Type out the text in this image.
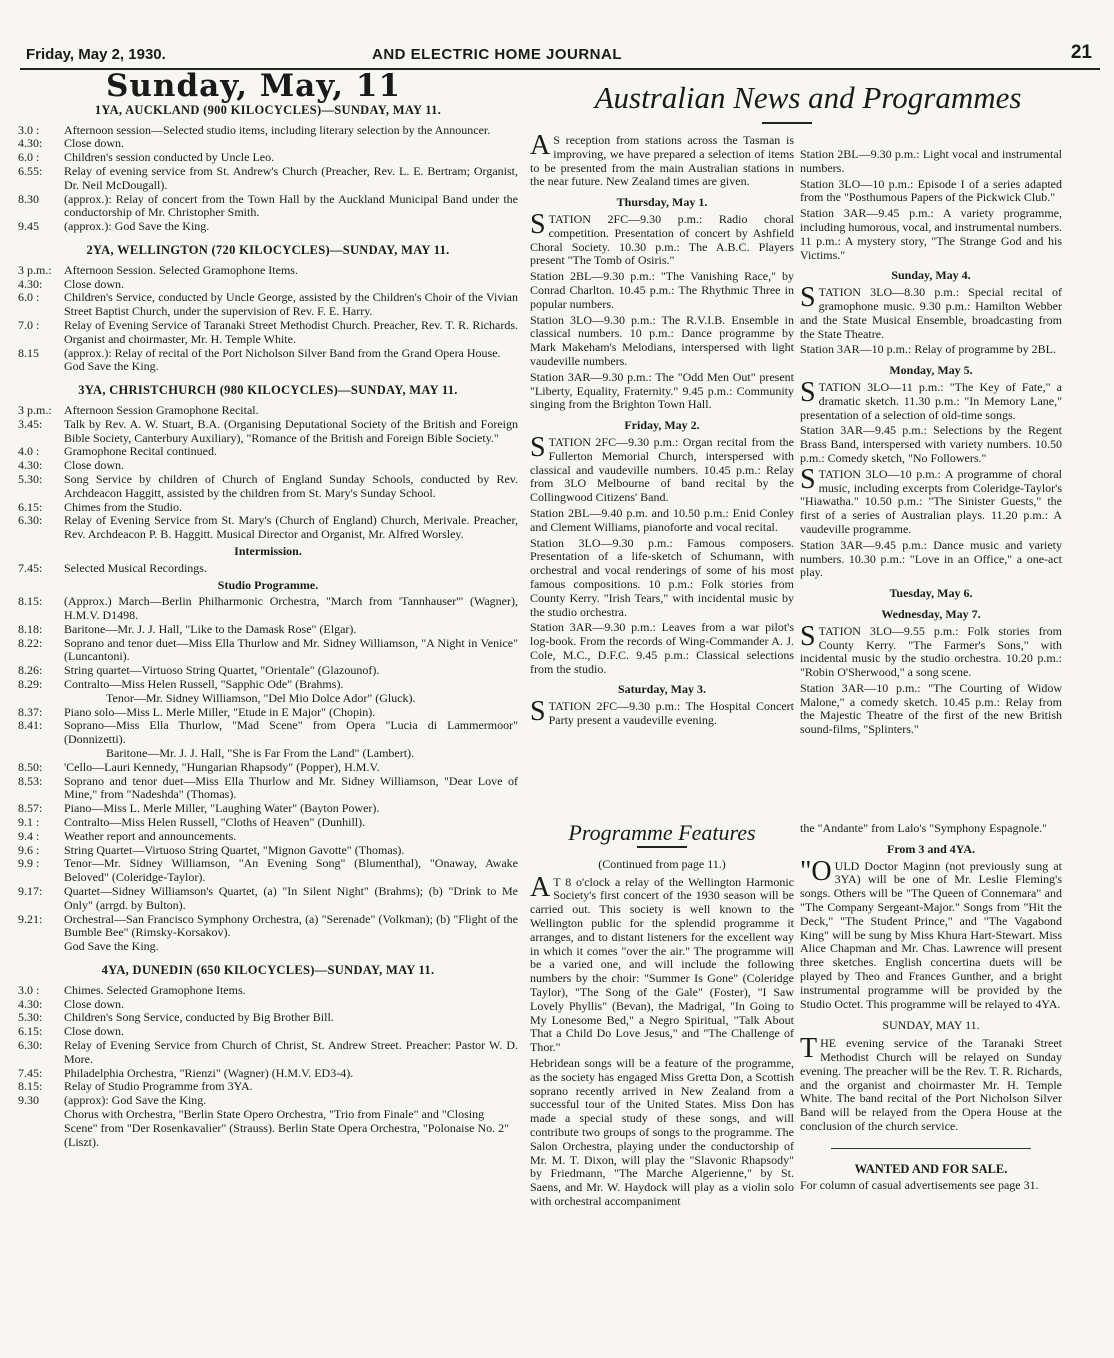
Friday, May 2, 1930.	AND ELECTRIC HOME JOURNAL	21
Sunday, May, 11
1YA, AUCKLAND (900 KILOCYCLES)—SUNDAY, MAY 11.
3.0 :	Afternoon session—Selected studio items, including literary selection by the Announcer.
4.30:	Close down.
6.0 :	Children's session conducted by Uncle Leo.
6.55:	Relay of evening service from St. Andrew's Church (Preacher, Rev. L. E. Bertram; Organist, Dr. Neil McDougall).
8.30	(approx.): Relay of concert from the Town Hall by the Auckland Municipal Band under the conductorship of Mr. Christopher Smith.
9.45	(approx.): God Save the King.
2YA, WELLINGTON (720 KILOCYCLES)—SUNDAY, MAY 11.
3 p.m.:	Afternoon Session. Selected Gramophone Items.
4.30:	Close down.
6.0 :	Children's Service, conducted by Uncle George, assisted by the Children's Choir of the Vivian Street Baptist Church, under the supervision of Rev. F. E. Harry.
7.0 :	Relay of Evening Service of Taranaki Street Methodist Church. Preacher, Rev. T. R. Richards. Organist and choirmaster, Mr. H. Temple White.
8.15	(approx.): Relay of recital of the Port Nicholson Silver Band from the Grand Opera House.
God Save the King.
3YA, CHRISTCHURCH (980 KILOCYCLES)—SUNDAY, MAY 11.
3 p.m.:	Afternoon Session Gramophone Recital.
3.45:	Talk by Rev. A. W. Stuart, B.A. (Organising Deputational Society of the British and Foreign Bible Society, Canterbury Auxiliary), "Romance of the British and Foreign Bible Society."
4.0 :	Gramophone Recital continued.
4.30:	Close down.
5.30:	Song Service by children of Church of England Sunday Schools, conducted by Rev. Archdeacon Haggitt, assisted by the children from St. Mary's Sunday School.
6.15:	Chimes from the Studio.
6.30:	Relay of Evening Service from St. Mary's (Church of England) Church, Merivale. Preacher, Rev. Archdeacon P. B. Haggitt. Musical Director and Organist, Mr. Alfred Worsley.
Intermission.
7.45:	Selected Musical Recordings.
Studio Programme.
8.15:	(Approx.) March—Berlin Philharmonic Orchestra, "March from 'Tannhauser'" (Wagner), H.M.V. D1498.
8.18:	Baritone—Mr. J. J. Hall, "Like to the Damask Rose" (Elgar).
8.22:	Soprano and tenor duet—Miss Ella Thurlow and Mr. Sidney Williamson, "A Night in Venice" (Luncantoni).
8.26:	String quartet—Virtuoso String Quartet, "Orientale" (Glazounof).
8.29:	Contralto—Miss Helen Russell, "Sapphic Ode" (Brahms).
Tenor—Mr. Sidney Williamson, "Del Mio Dolce Ador" (Gluck).
8.37:	Piano solo—Miss L. Merle Miller, "Etude in E Major" (Chopin).
8.41:	Soprano—Miss Ella Thurlow, "Mad Scene" from Opera "Lucia di Lammermoor" (Donnizetti).
Baritone—Mr. J. J. Hall, "She is Far From the Land" (Lambert).
8.50:	'Cello—Lauri Kennedy, "Hungarian Rhapsody" (Popper), H.M.V.
8.53:	Soprano and tenor duet—Miss Ella Thurlow and Mr. Sidney Williamson, "Dear Love of Mine," from "Nadeshda" (Thomas).
8.57:	Piano—Miss L. Merle Miller, "Laughing Water" (Bayton Power).
9.1 :	Contralto—Miss Helen Russell, "Cloths of Heaven" (Dunhill).
9.4 :	Weather report and announcements.
9.6 :	String Quartet—Virtuoso String Quartet, "Mignon Gavotte" (Thomas).
9.9 :	Tenor—Mr. Sidney Williamson, "An Evening Song" (Blumenthal), "Onaway, Awake Beloved" (Coleridge-Taylor).
9.17:	Quartet—Sidney Williamson's Quartet, (a) "In Silent Night" (Brahms); (b) "Drink to Me Only" (arrgd. by Bulton).
9.21:	Orchestral—San Francisco Symphony Orchestra, (a) "Serenade" (Volkman); (b) "Flight of the Bumble Bee" (Rimsky-Korsakov).
God Save the King.
4YA, DUNEDIN (650 KILOCYCLES)—SUNDAY, MAY 11.
3.0 :	Chimes. Selected Gramophone Items.
4.30:	Close down.
5.30:	Children's Song Service, conducted by Big Brother Bill.
6.15:	Close down.
6.30:	Relay of Evening Service from Church of Christ, St. Andrew Street. Preacher: Pastor W. D. More.
7.45:	Philadelphia Orchestra, "Rienzi" (Wagner) (H.M.V. ED3-4).
8.15:	Relay of Studio Programme from 3YA.
9.30	(approx): God Save the King.
Chorus with Orchestra, "Berlin State Opero Orchestra, "Trio from Finale" and "Closing Scene" from "Der Rosenkavalier" (Strauss). Berlin State Opera Orchestra, "Polonaise No. 2" (Liszt).
Australian News and Programmes

AS reception from stations across the Tasman is improving, we have prepared a selection of items to be presented from the main Australian stations in the near future. New Zealand times are given.

Thursday, May 1.

STATION 2FC—9.30 p.m.: Radio choral competition. Presentation of concert by Ashfield Choral Society. 10.30 p.m.: The A.B.C. Players present "The Tomb of Osiris."

Station 2BL—9.30 p.m.: "The Vanishing Race," by Conrad Charlton. 10.45 p.m.: The Rhythmic Three in popular numbers.

Station 3LO—9.30 p.m.: The R.V.I.B. Ensemble in classical numbers. 10 p.m.: Dance programme by Mark Makeham's Melodians, interspersed with light vaudeville numbers.

Station 3AR—9.30 p.m.: The "Odd Men Out" present "Liberty, Equality, Fraternity." 9.45 p.m.: Community singing from the Brighton Town Hall.

Friday, May 2.

STATION 2FC—9.30 p.m.: Organ recital from the Fullerton Memorial Church, interspersed with classical and vaudeville numbers. 10.45 p.m.: Relay from 3LO Melbourne of band recital by the Collingwood Citizens' Band.

Station 2BL—9.40 p.m. and 10.50 p.m.: Enid Conley and Clement Williams, pianoforte and vocal recital.

Station 3LO—9.30 p.m.: Famous composers. Presentation of a life-sketch of Schumann, with orchestral and vocal renderings of some of his most famous compositions. 10 p.m.: Folk stories from County Kerry. "Irish Tears," with incidental music by the studio orchestra.

Station 3AR—9.30 p.m.: Leaves from a war pilot's log-book. From the records of Wing-Commander A. J. Cole, M.C., D.F.C. 9.45 p.m.: Classical selections from the studio.

Saturday, May 3.

STATION 2FC—9.30 p.m.: The Hospital Concert Party present a vaudeville evening.

Station 2BL—9.30 p.m.: Light vocal and instrumental numbers.

Station 3LO—10 p.m.: Episode I of a series adapted from the "Posthumous Papers of the Pickwick Club."

Station 3AR—9.45 p.m.: A variety programme, including humorous, vocal, and instrumental numbers. 11 p.m.: A mystery story, "The Strange God and his Victims."

Sunday, May 4.

STATION 3LO—8.30 p.m.: Special recital of gramophone music. 9.30 p.m.: Hamilton Webber and the State Musical Ensemble, broadcasting from the State Theatre.

Station 3AR—10 p.m.: Relay of programme by 2BL.

Monday, May 5.

STATION 3LO—11 p.m.: "The Key of Fate," a dramatic sketch. 11.30 p.m.: "In Memory Lane," presentation of a selection of old-time songs.

Station 3AR—9.45 p.m.: Selections by the Regent Brass Band, interspersed with variety numbers. 10.50 p.m.: Comedy sketch, "No Followers."

STATION 3LO—10 p.m.: A programme of choral music, including excerpts from Coleridge-Taylor's "Hiawatha." 10.50 p.m.: "The Sinister Guests," the first of a series of Australian plays. 11.20 p.m.: A vaudeville programme.

Station 3AR—9.45 p.m.: Dance music and variety numbers. 10.30 p.m.: "Love in an Office," a one-act play.

Tuesday, May 6.
Wednesday, May 7.

STATION 3LO—9.55 p.m.: Folk stories from County Kerry. "The Farmer's Sons," with incidental music by the studio orchestra. 10.20 p.m.: "Robin O'Sherwood," a song scene.

Station 3AR—10 p.m.: "The Courting of Widow Malone," a comedy sketch. 10.45 p.m.: Relay from the Majestic Theatre of the first of the new British sound-films, "Splinters."

Programme Features
(Continued from page 11.)

AT 8 o'clock a relay of the Wellington Harmonic Society's first concert of the 1930 season will be carried out. This society is well known to the Wellington public for the splendid programme it arranges, and to distant listeners for the excellent way in which it comes "over the air." The programme will be a varied one, and will include the following numbers by the choir: "Summer Is Gone" (Coleridge Taylor), "The Song of the Gale" (Foster), "I Saw Lovely Phyllis" (Bevan), the Madrigal, "In Going to My Lonesome Bed," a Negro Spiritual, "Talk About That a Child Do Love Jesus," and "The Challenge of Thor."

Hebridean songs will be a feature of the programme, as the society has engaged Miss Gretta Don, a Scottish soprano recently arrived in New Zealand from a successful tour of the United States. Miss Don has made a special study of these songs, and will contribute two groups of songs to the programme. The Salon Orchestra, playing under the conductorship of Mr. M. T. Dixon, will play the "Slavonic Rhapsody" by Friedmann, "The Marche Algerienne," by St. Saens, and Mr. W. Haydock will play as a violin solo with orchestral accompaniment

the "Andante" from Lalo's "Symphony Espagnole."

From 3 and 4YA.

"OULD Doctor Maginn (not previously sung at 3YA) will be one of Mr. Leslie Fleming's songs. Others will be "The Queen of Connemara" and "The Company Sergeant-Major." Songs from "Hit the Deck," "The Student Prince," and "The Vagabond King" will be sung by Miss Khura Hart-Stewart. Miss Alice Chapman and Mr. Chas. Lawrence will present three sketches. English concertina duets will be played by Theo and Frances Gunther, and a bright instrumental programme will be provided by the Studio Octet. This programme will be relayed to 4YA.

SUNDAY, MAY 11.

THE evening service of the Taranaki Street Methodist Church will be relayed on Sunday evening. The preacher will be the Rev. T. R. Richards, and the organist and choirmaster Mr. H. Temple White. The band recital of the Port Nicholson Silver Band will be relayed from the Opera House at the conclusion of the church service.

WANTED AND FOR SALE.

For column of casual advertisements see page 31.
